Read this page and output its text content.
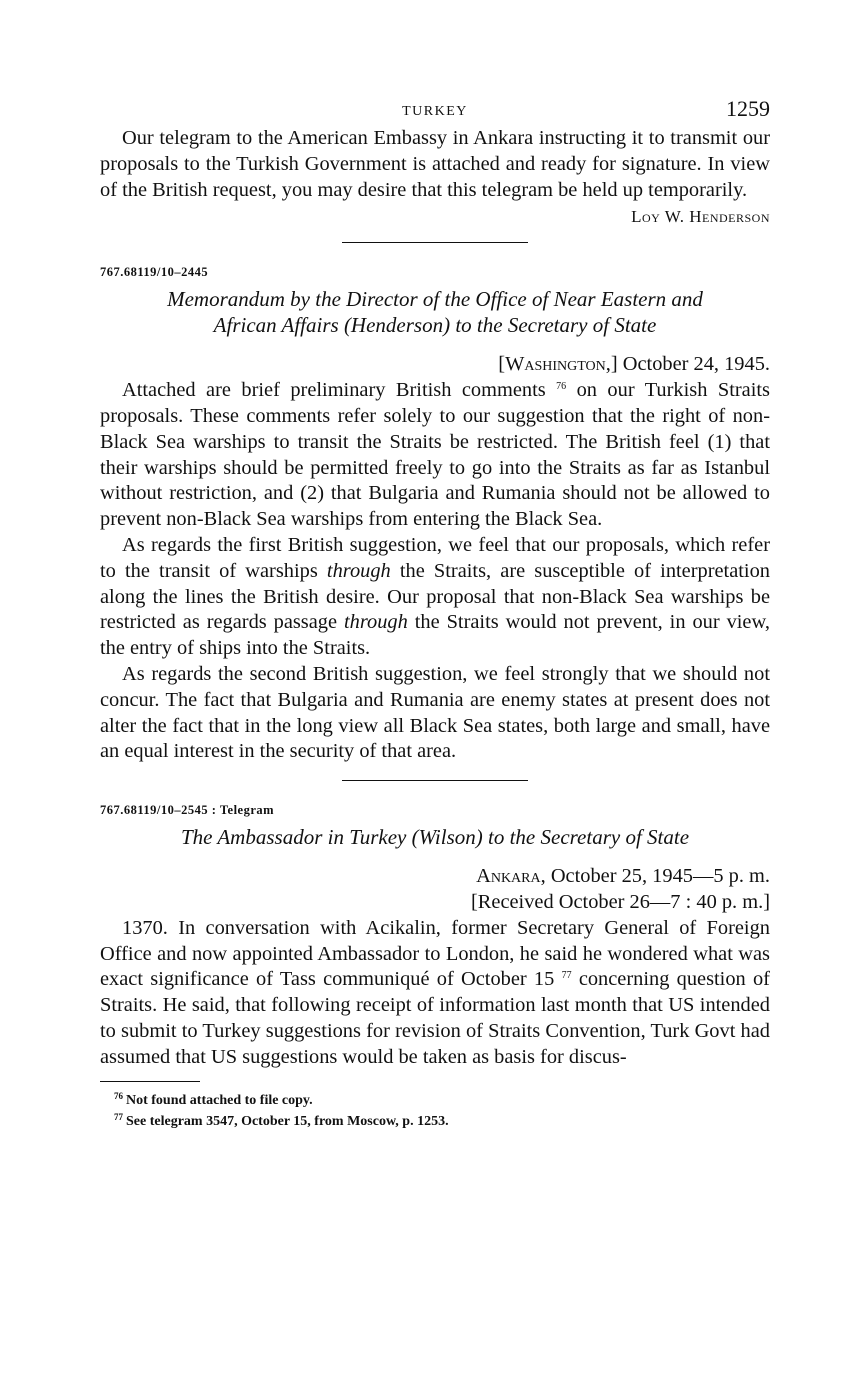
TURKEY	1259

Our telegram to the American Embassy in Ankara instructing it to transmit our proposals to the Turkish Government is attached and ready for signature. In view of the British request, you may desire that this telegram be held up temporarily.

Loy W. Henderson
767.68119/10–2445
Memorandum by the Director of the Office of Near Eastern and
African Affairs (Henderson) to the Secretary of State
[Washington,] October 24, 1945.

Attached are brief preliminary British comments $^{76}$ on our Turkish Straits proposals. These comments refer solely to our suggestion that the right of non-Black Sea warships to transit the Straits be restricted. The British feel (1) that their warships should be permitted freely to go into the Straits as far as Istanbul without restriction, and (2) that Bulgaria and Rumania should not be allowed to prevent non-Black Sea warships from entering the Black Sea.

As regards the first British suggestion, we feel that our proposals, which refer to the transit of warships through the Straits, are susceptible of interpretation along the lines the British desire. Our proposal that non-Black Sea warships be restricted as regards passage through the Straits would not prevent, in our view, the entry of ships into the Straits.

As regards the second British suggestion, we feel strongly that we should not concur. The fact that Bulgaria and Rumania are enemy states at present does not alter the fact that in the long view all Black Sea states, both large and small, have an equal interest in the security of that area.

767.68119/10–2545 : Telegram
The Ambassador in Turkey (Wilson) to the Secretary of State
Ankara, October 25, 1945—5 p. m.
[Received October 26—7 : 40 p. m.]

1370. In conversation with Acikalin, former Secretary General of Foreign Office and now appointed Ambassador to London, he said he wondered what was exact significance of Tass communiqué of October 15 $^{77}$ concerning question of Straits. He said, that following receipt of information last month that US intended to submit to Turkey suggestions for revision of Straits Convention, Turk Govt had assumed that US suggestions would be taken as basis for discus-

$^{76}$ Not found attached to file copy.
$^{77}$ See telegram 3547, October 15, from Moscow, p. 1253.
